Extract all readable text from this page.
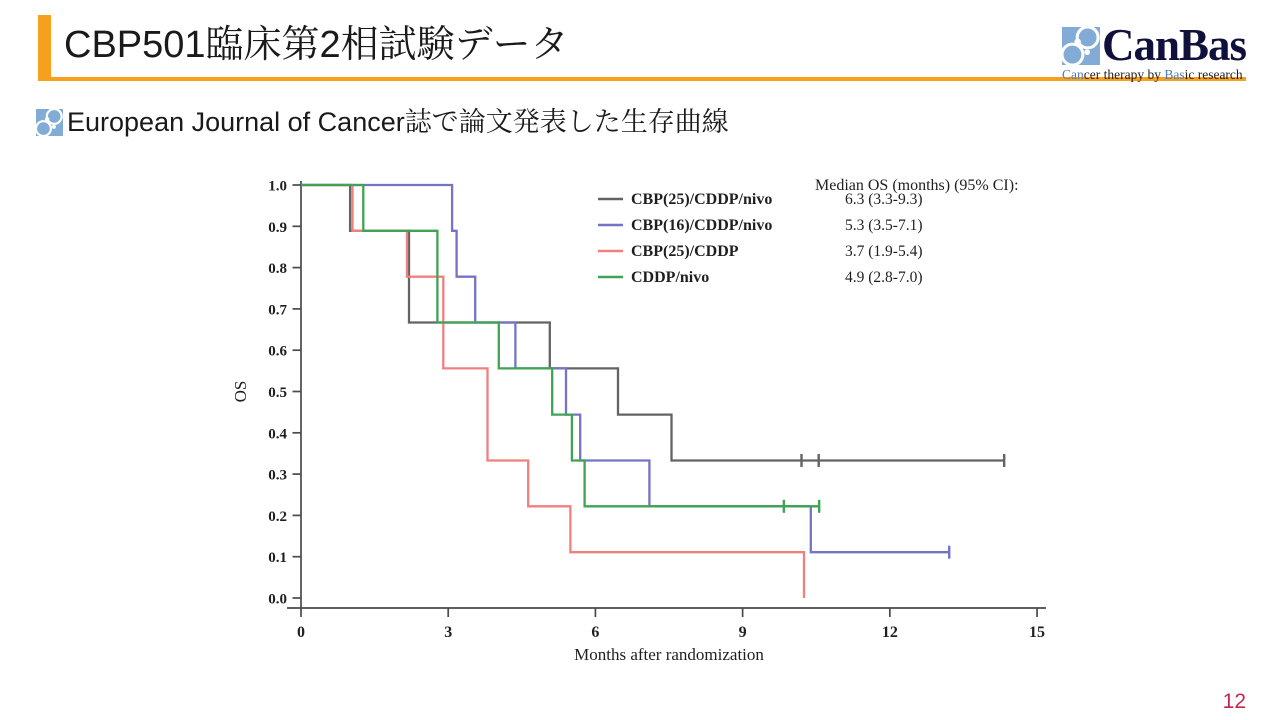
CBP501臨床第2相試験データ	CanBas
Cancer therapy by Basic research
European Journal of Cancer誌で論文発表した生存曲線
0.0
0.1
0.2
0.3
0.4
0.5
0.6
0.7
0.8
0.9
1.0
0	3	6	9	12	15
OS
Months after randomization
Median OS (months) (95% CI):
CBP(25)/CDDP/nivo	6.3 (3.3-9.3)
CBP(16)/CDDP/nivo	5.3 (3.5-7.1)
CBP(25)/CDDP	3.7 (1.9-5.4)
CDDP/nivo	4.9 (2.8-7.0)
12
